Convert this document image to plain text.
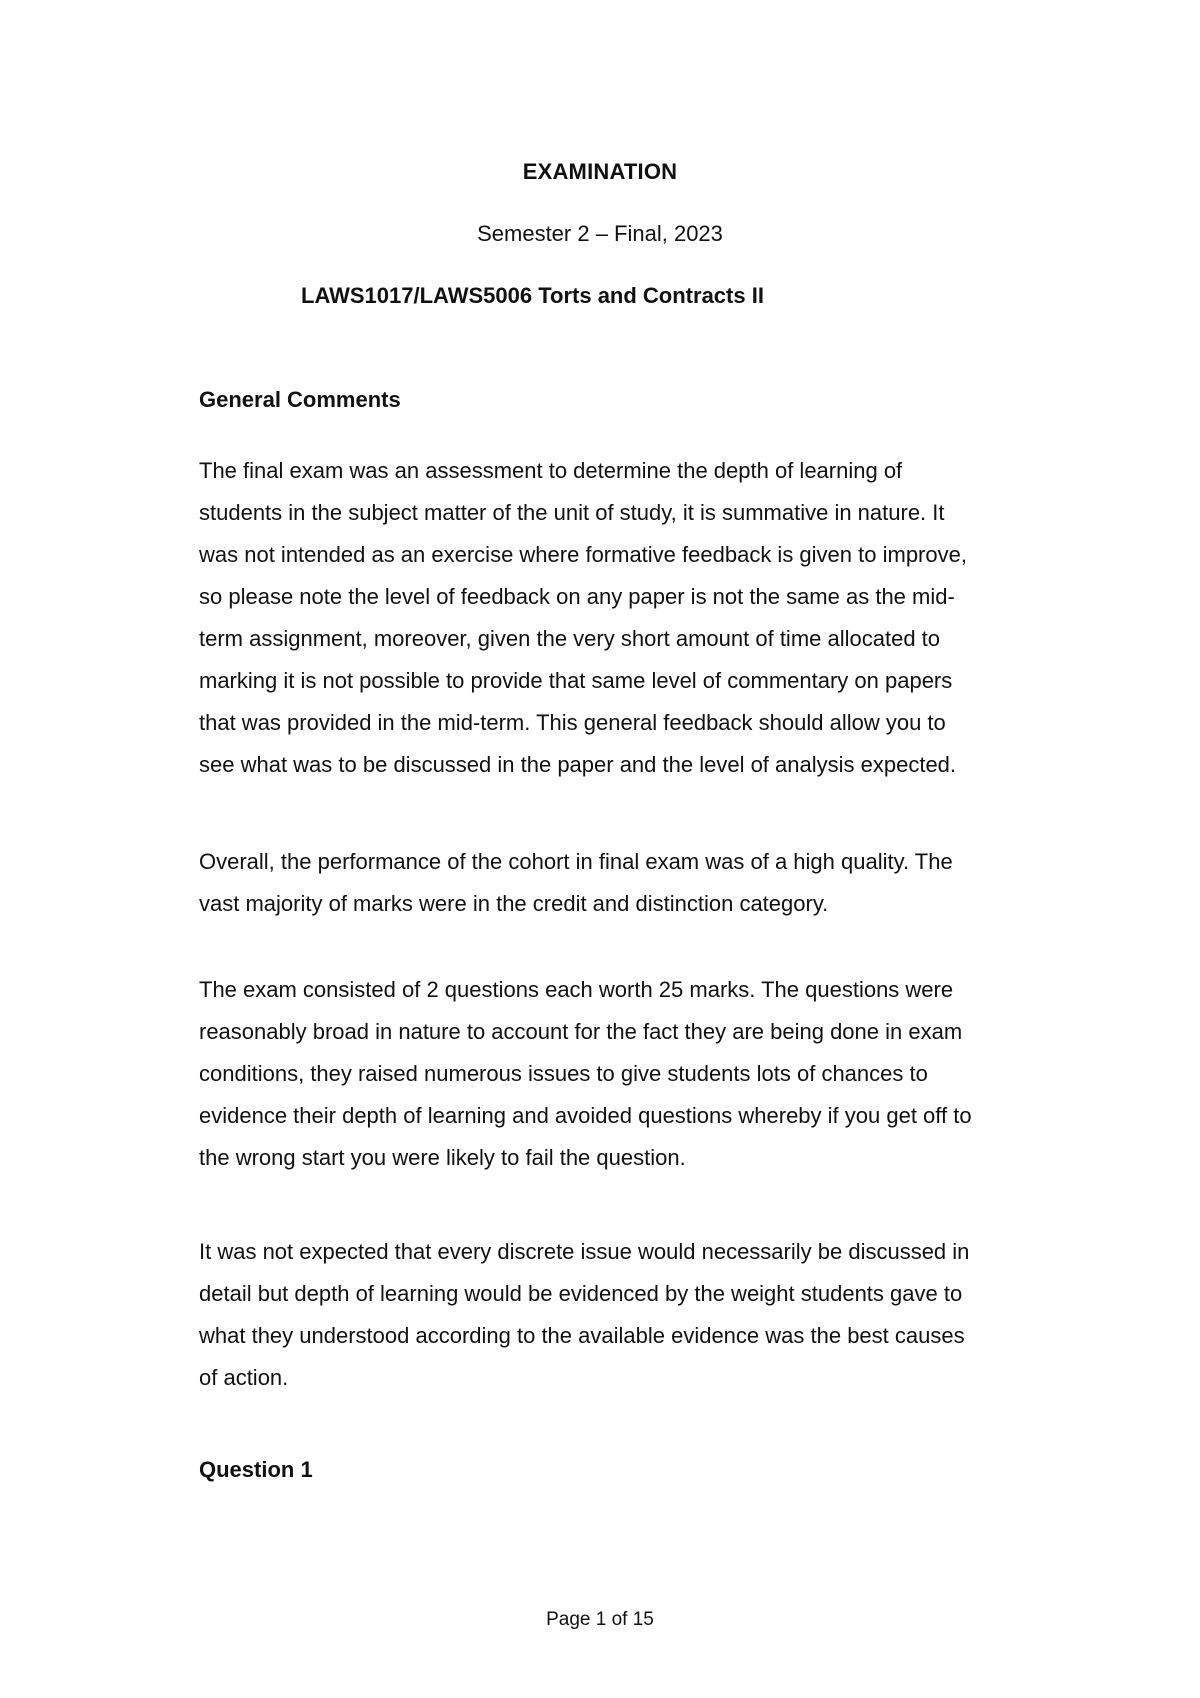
EXAMINATION
Semester 2 – Final, 2023
LAWS1017/LAWS5006 Torts and Contracts II
General Comments

The final exam was an assessment to determine the depth of learning of
students in the subject matter of the unit of study, it is summative in nature. It
was not intended as an exercise where formative feedback is given to improve,
so please note the level of feedback on any paper is not the same as the mid-
term assignment, moreover, given the very short amount of time allocated to
marking it is not possible to provide that same level of commentary on papers
that was provided in the mid-term. This general feedback should allow you to
see what was to be discussed in the paper and the level of analysis expected.

Overall, the performance of the cohort in final exam was of a high quality. The
vast majority of marks were in the credit and distinction category.

The exam consisted of 2 questions each worth 25 marks. The questions were
reasonably broad in nature to account for the fact they are being done in exam
conditions, they raised numerous issues to give students lots of chances to
evidence their depth of learning and avoided questions whereby if you get off to
the wrong start you were likely to fail the question.

It was not expected that every discrete issue would necessarily be discussed in
detail but depth of learning would be evidenced by the weight students gave to
what they understood according to the available evidence was the best causes
of action.

Question 1
Page 1 of 15
